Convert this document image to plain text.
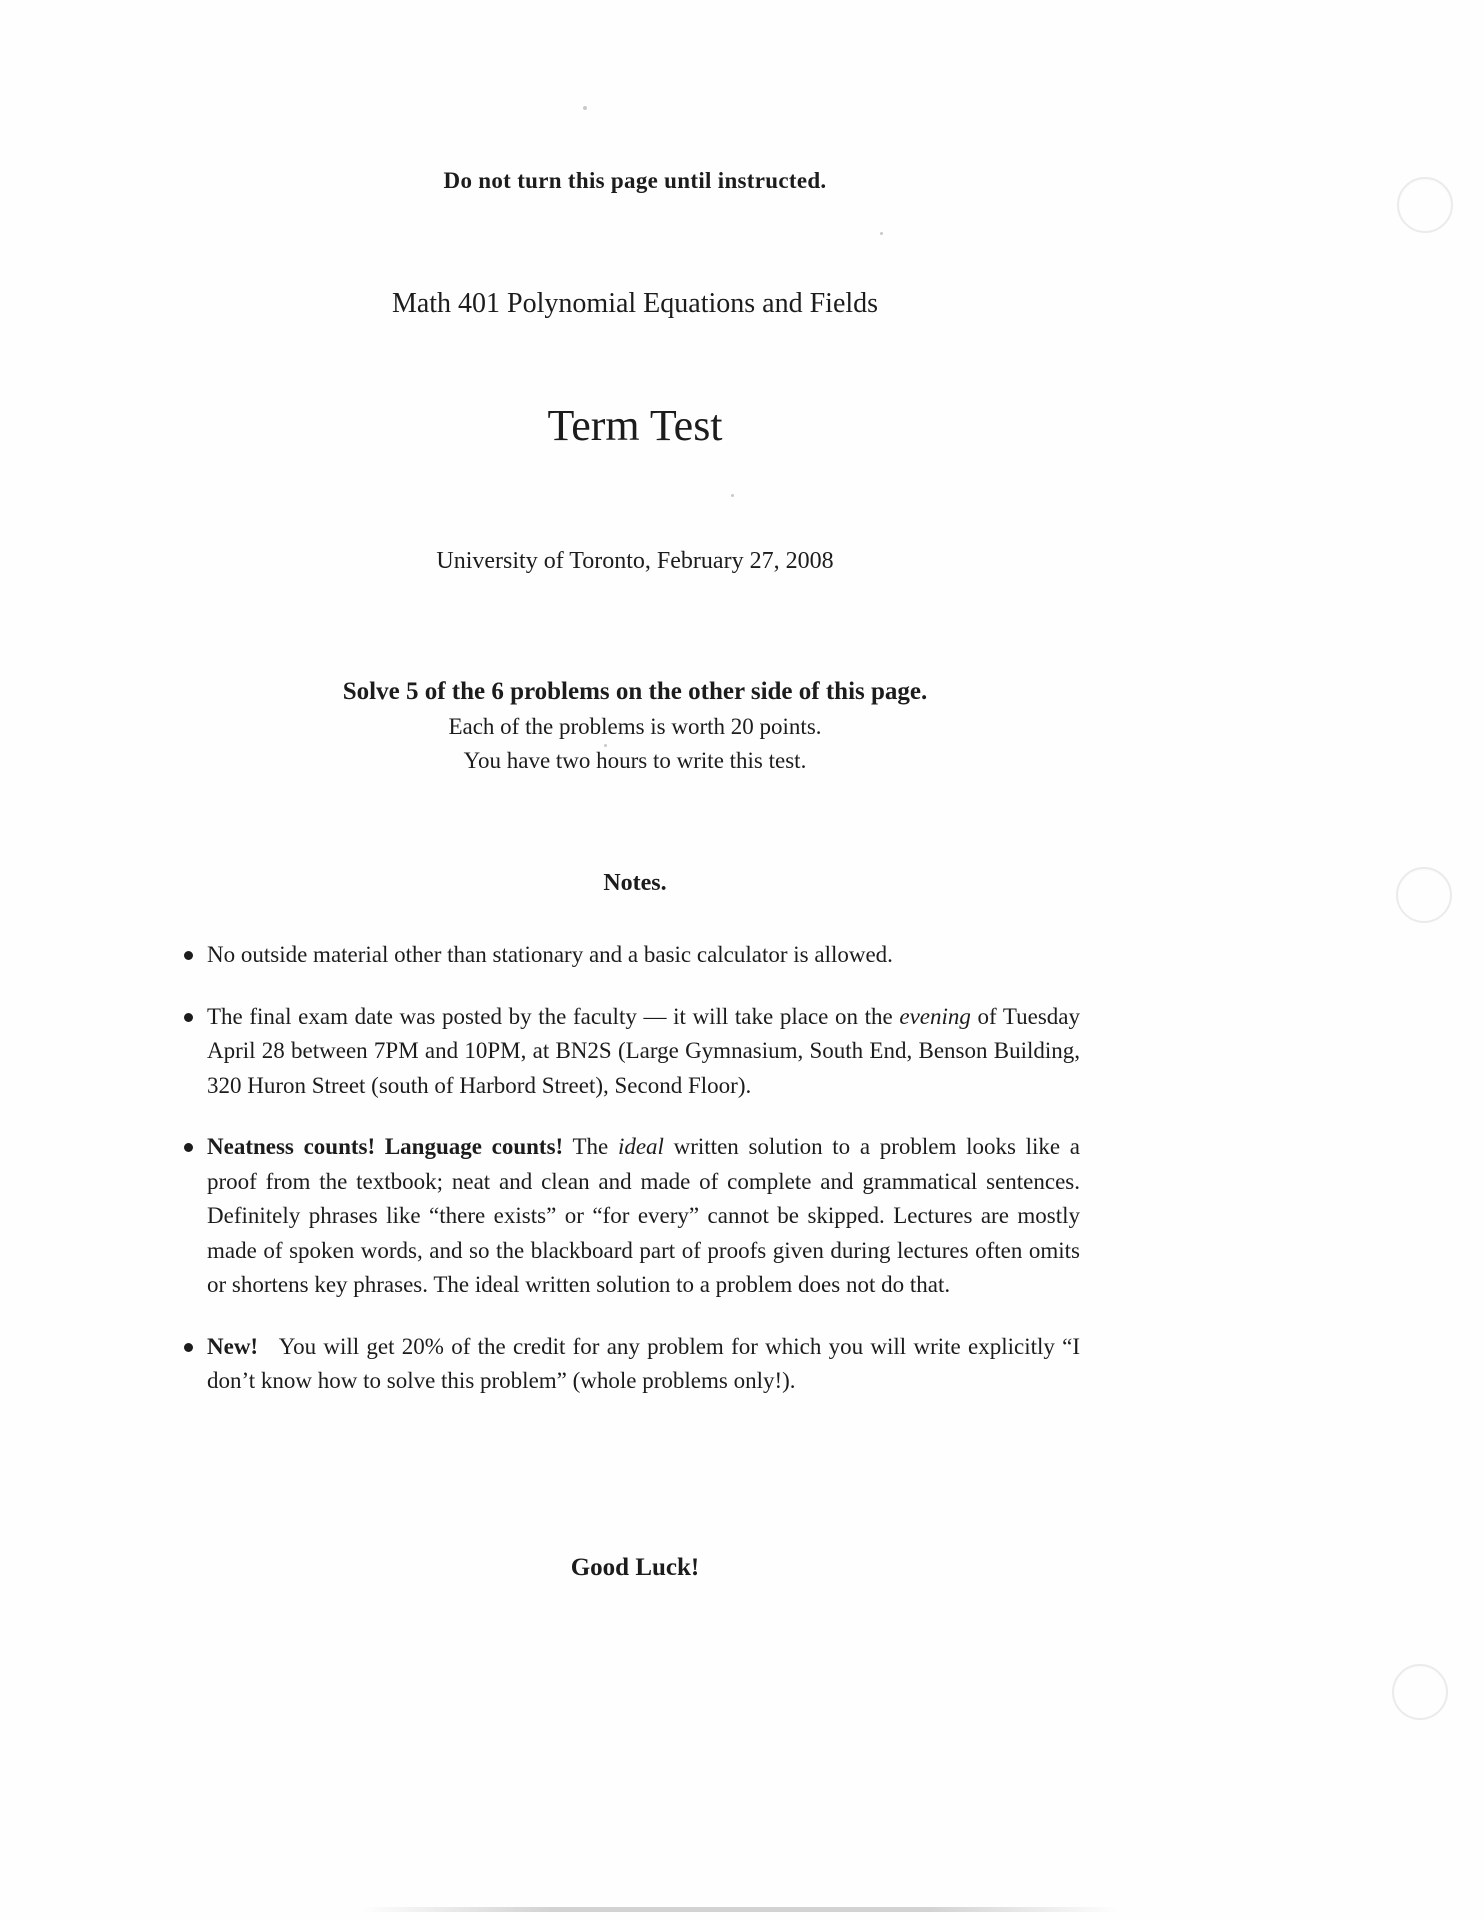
Do not turn this page until instructed.
Math 401 Polynomial Equations and Fields
Term Test
University of Toronto, February 27, 2008
Solve 5 of the 6 problems on the other side of this page.
Each of the problems is worth 20 points.
You have two hours to write this test.
Notes.
No outside material other than stationary and a basic calculator is allowed.
The final exam date was posted by the faculty — it will take place on the evening of Tuesday April 28 between 7PM and 10PM, at BN2S (Large Gymnasium, South End, Benson Building, 320 Huron Street (south of Harbord Street), Second Floor).
Neatness counts! Language counts! The ideal written solution to a problem looks like a proof from the textbook; neat and clean and made of complete and grammatical sentences. Definitely phrases like “there exists” or “for every” cannot be skipped. Lectures are mostly made of spoken words, and so the blackboard part of proofs given during lectures often omits or shortens key phrases. The ideal written solution to a problem does not do that.
New! You will get 20% of the credit for any problem for which you will write explicitly “I don’t know how to solve this problem” (whole problems only!).
Good Luck!
